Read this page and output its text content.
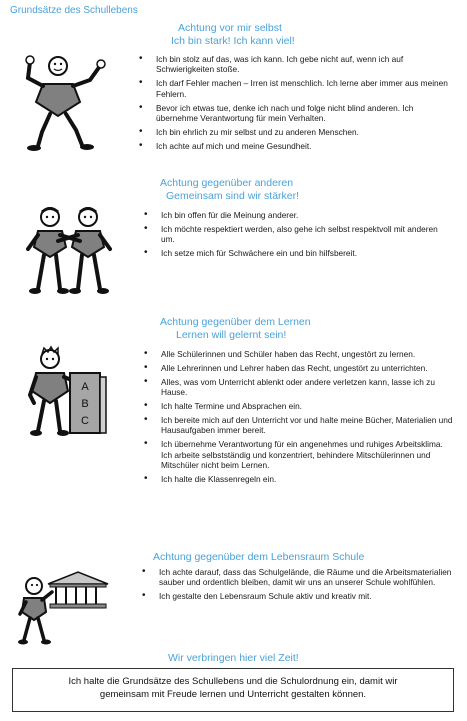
Grundsätze des Schullebens
Achtung vor mir selbst
Ich bin stark! Ich kann viel!
• Ich bin stolz auf das, was ich kann. Ich gebe nicht auf, wenn ich auf Schwierigkeiten stoße.
• Ich darf Fehler machen – Irren ist menschlich. Ich lerne aber immer aus meinen Fehlern.
• Bevor ich etwas tue, denke ich nach und folge nicht blind anderen. Ich übernehme Verantwortung für mein Verhalten.
• Ich bin ehrlich zu mir selbst und zu anderen Menschen.
• Ich achte auf mich und meine Gesundheit.
Achtung gegenüber anderen
Gemeinsam sind wir stärker!
• Ich bin offen für die Meinung anderer.
• Ich möchte respektiert werden, also gehe ich selbst respektvoll mit anderen um.
• Ich setze mich für Schwächere ein und bin hilfsbereit.
Achtung gegenüber dem Lernen
Lernen will gelernt sein!
A
B
C
• Alle Schülerinnen und Schüler haben das Recht, ungestört zu lernen.
• Alle Lehrerinnen und Lehrer haben das Recht, ungestört zu unterrichten.
• Alles, was vom Unterricht ablenkt oder andere verletzen kann, lasse ich zu Hause.
• Ich halte Termine und Absprachen ein.
• Ich bereite mich auf den Unterricht vor und halte meine Bücher, Materialien und Hausaufgaben immer bereit.
• Ich übernehme Verantwortung für ein angenehmes und ruhiges Arbeitsklima. Ich arbeite selbstständig und konzentriert, behindere Mitschülerinnen und Mitschüler nicht beim Lernen.
• Ich halte die Klassenregeln ein.
Achtung gegenüber dem Lebensraum Schule
• Ich achte darauf, dass das Schulgelände, die Räume und die Arbeitsmaterialien sauber und ordentlich bleiben, damit wir uns an unserer Schule wohlfühlen.
• Ich gestalte den Lebensraum Schule aktiv und kreativ mit.
Wir verbringen hier viel Zeit!
Ich halte die Grundsätze des Schullebens und die Schulordnung ein, damit wir
gemeinsam mit Freude lernen und Unterricht gestalten können.
